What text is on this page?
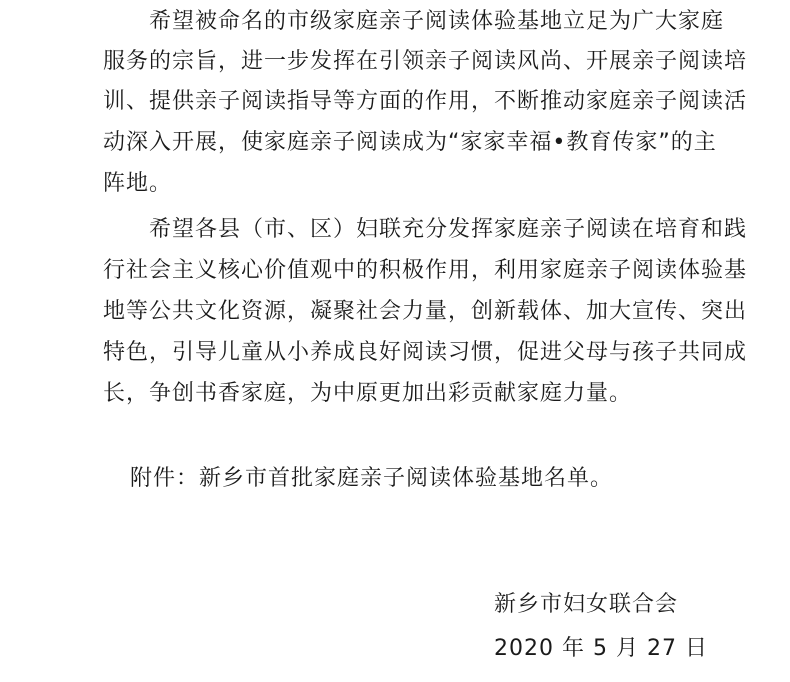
希望被命名的市级家庭亲子阅读体验基地立足为广大家庭
服务的宗旨，进一步发挥在引领亲子阅读风尚、开展亲子阅读培
训、提供亲子阅读指导等方面的作用，不断推动家庭亲子阅读活
动深入开展，使家庭亲子阅读成为“家家幸福•教育传家”的主
阵地。
希望各县（市、区）妇联充分发挥家庭亲子阅读在培育和践
行社会主义核心价值观中的积极作用，利用家庭亲子阅读体验基
地等公共文化资源，凝聚社会力量，创新载体、加大宣传、突出
特色，引导儿童从小养成良好阅读习惯，促进父母与孩子共同成
长，争创书香家庭，为中原更加出彩贡献家庭力量。
附件：新乡市首批家庭亲子阅读体验基地名单。
新乡市妇女联合会
2020 年 5 月 27 日
